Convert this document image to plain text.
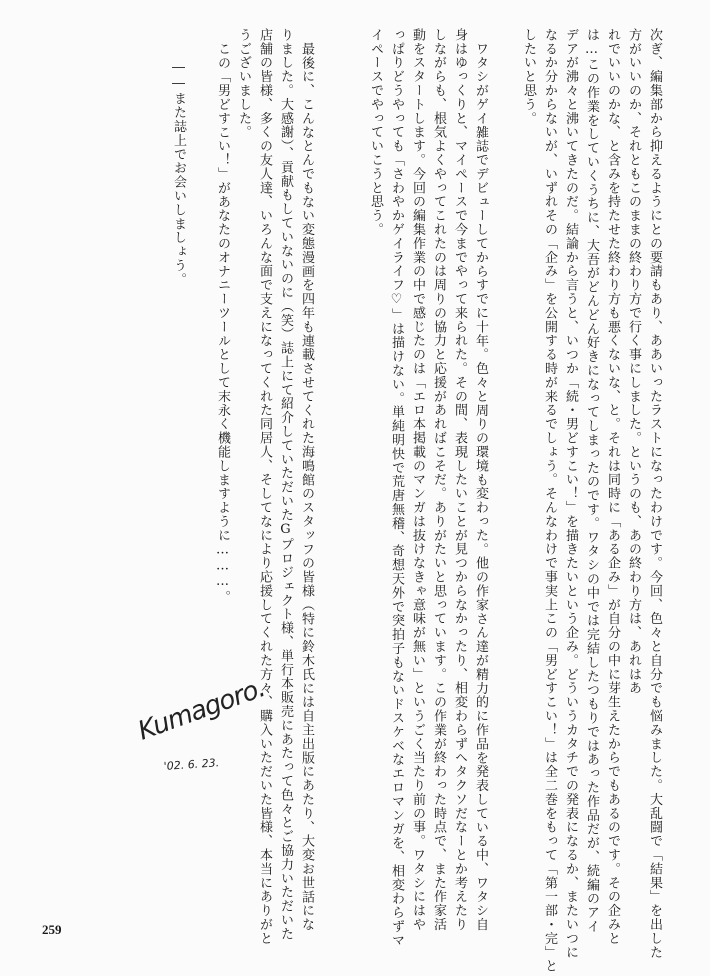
次ぎ、編集部から抑えるようにとの要請もあり、ああいったラストになったわけです。今回、色々と自分でも悩みました。大乱闘で「結果」を出した
方がいいのか、それともこのままの終わり方で行く事にしました。というのも、あの終わり方は、あれはあ
れでいいのかな、と含みを持たせた終わり方も悪くないな、と。それは同時に「ある企み」が自分の中に芽生えたからでもあるのです。その企みと
は…この作業をしていくうちに、大吾がどんどん好きになってしまったのです。ワタシの中では完結したつもりではあった作品だが、続編のアイ
デアが沸々と沸いてきたのだ。結論から言うと、いつか「続・男どすこい！」を描きたいという企み。どういうカタチでの発表になるか、またいつに
なるか分からないが、いずれその「企み」を公開する時が来るでしょう。そんなわけで事実上この「男どすこい！」は全二巻をもって「第一部・完」と
したいと思う。
ワタシがゲイ雑誌でデビューしてからすでに十年。色々と周りの環境も変わった。他の作家さん達が精力的に作品を発表している中、ワタシ自
身はゆっくりと、マイペースで今までやって来られた。その間、表現したいことが見つからなかったり、相変わらずヘタクソだなーとか考えたり
しながらも、根気よくやってこれたのは周りの協力と応援があればこそだ。ありがたいと思っています。この作業が終わった時点で、また作家活
動をスタートします。今回の編集作業の中で感じたのは「エロ本掲載のマンガは抜けなきゃ意味が無い」というごく当たり前の事。ワタシにはや
っぱりどうやっても「さわやかゲイライフ♡」は描けない。単純明快で荒唐無稽、奇想天外で突拍子もないドスケベなエロマンガを、相変わらずマ
イペースでやっていこうと思う。
最後に、こんなとんでもない変態漫画を四年も連載させてくれた海鳴館のスタッフの皆様（特に鈴木氏には自主出版にあたり、大変お世話にな
りました。大感謝）、貢献もしていないのに（笑）誌上にて紹介していただいたGプロジェクト様、単行本販売にあたって色々とご協力いただいた
店舗の皆様、多くの友人達、いろんな面で支えになってくれた同居人、そしてなにより応援してくれた方々、購入いただいた皆様、本当にありがと
うございました。
この「男どすこい！」があなたのオナニーツールとして末永く機能しますように………。
――また誌上でお会いしましょう。
Kumagoro.
'02. 6. 23.
259
